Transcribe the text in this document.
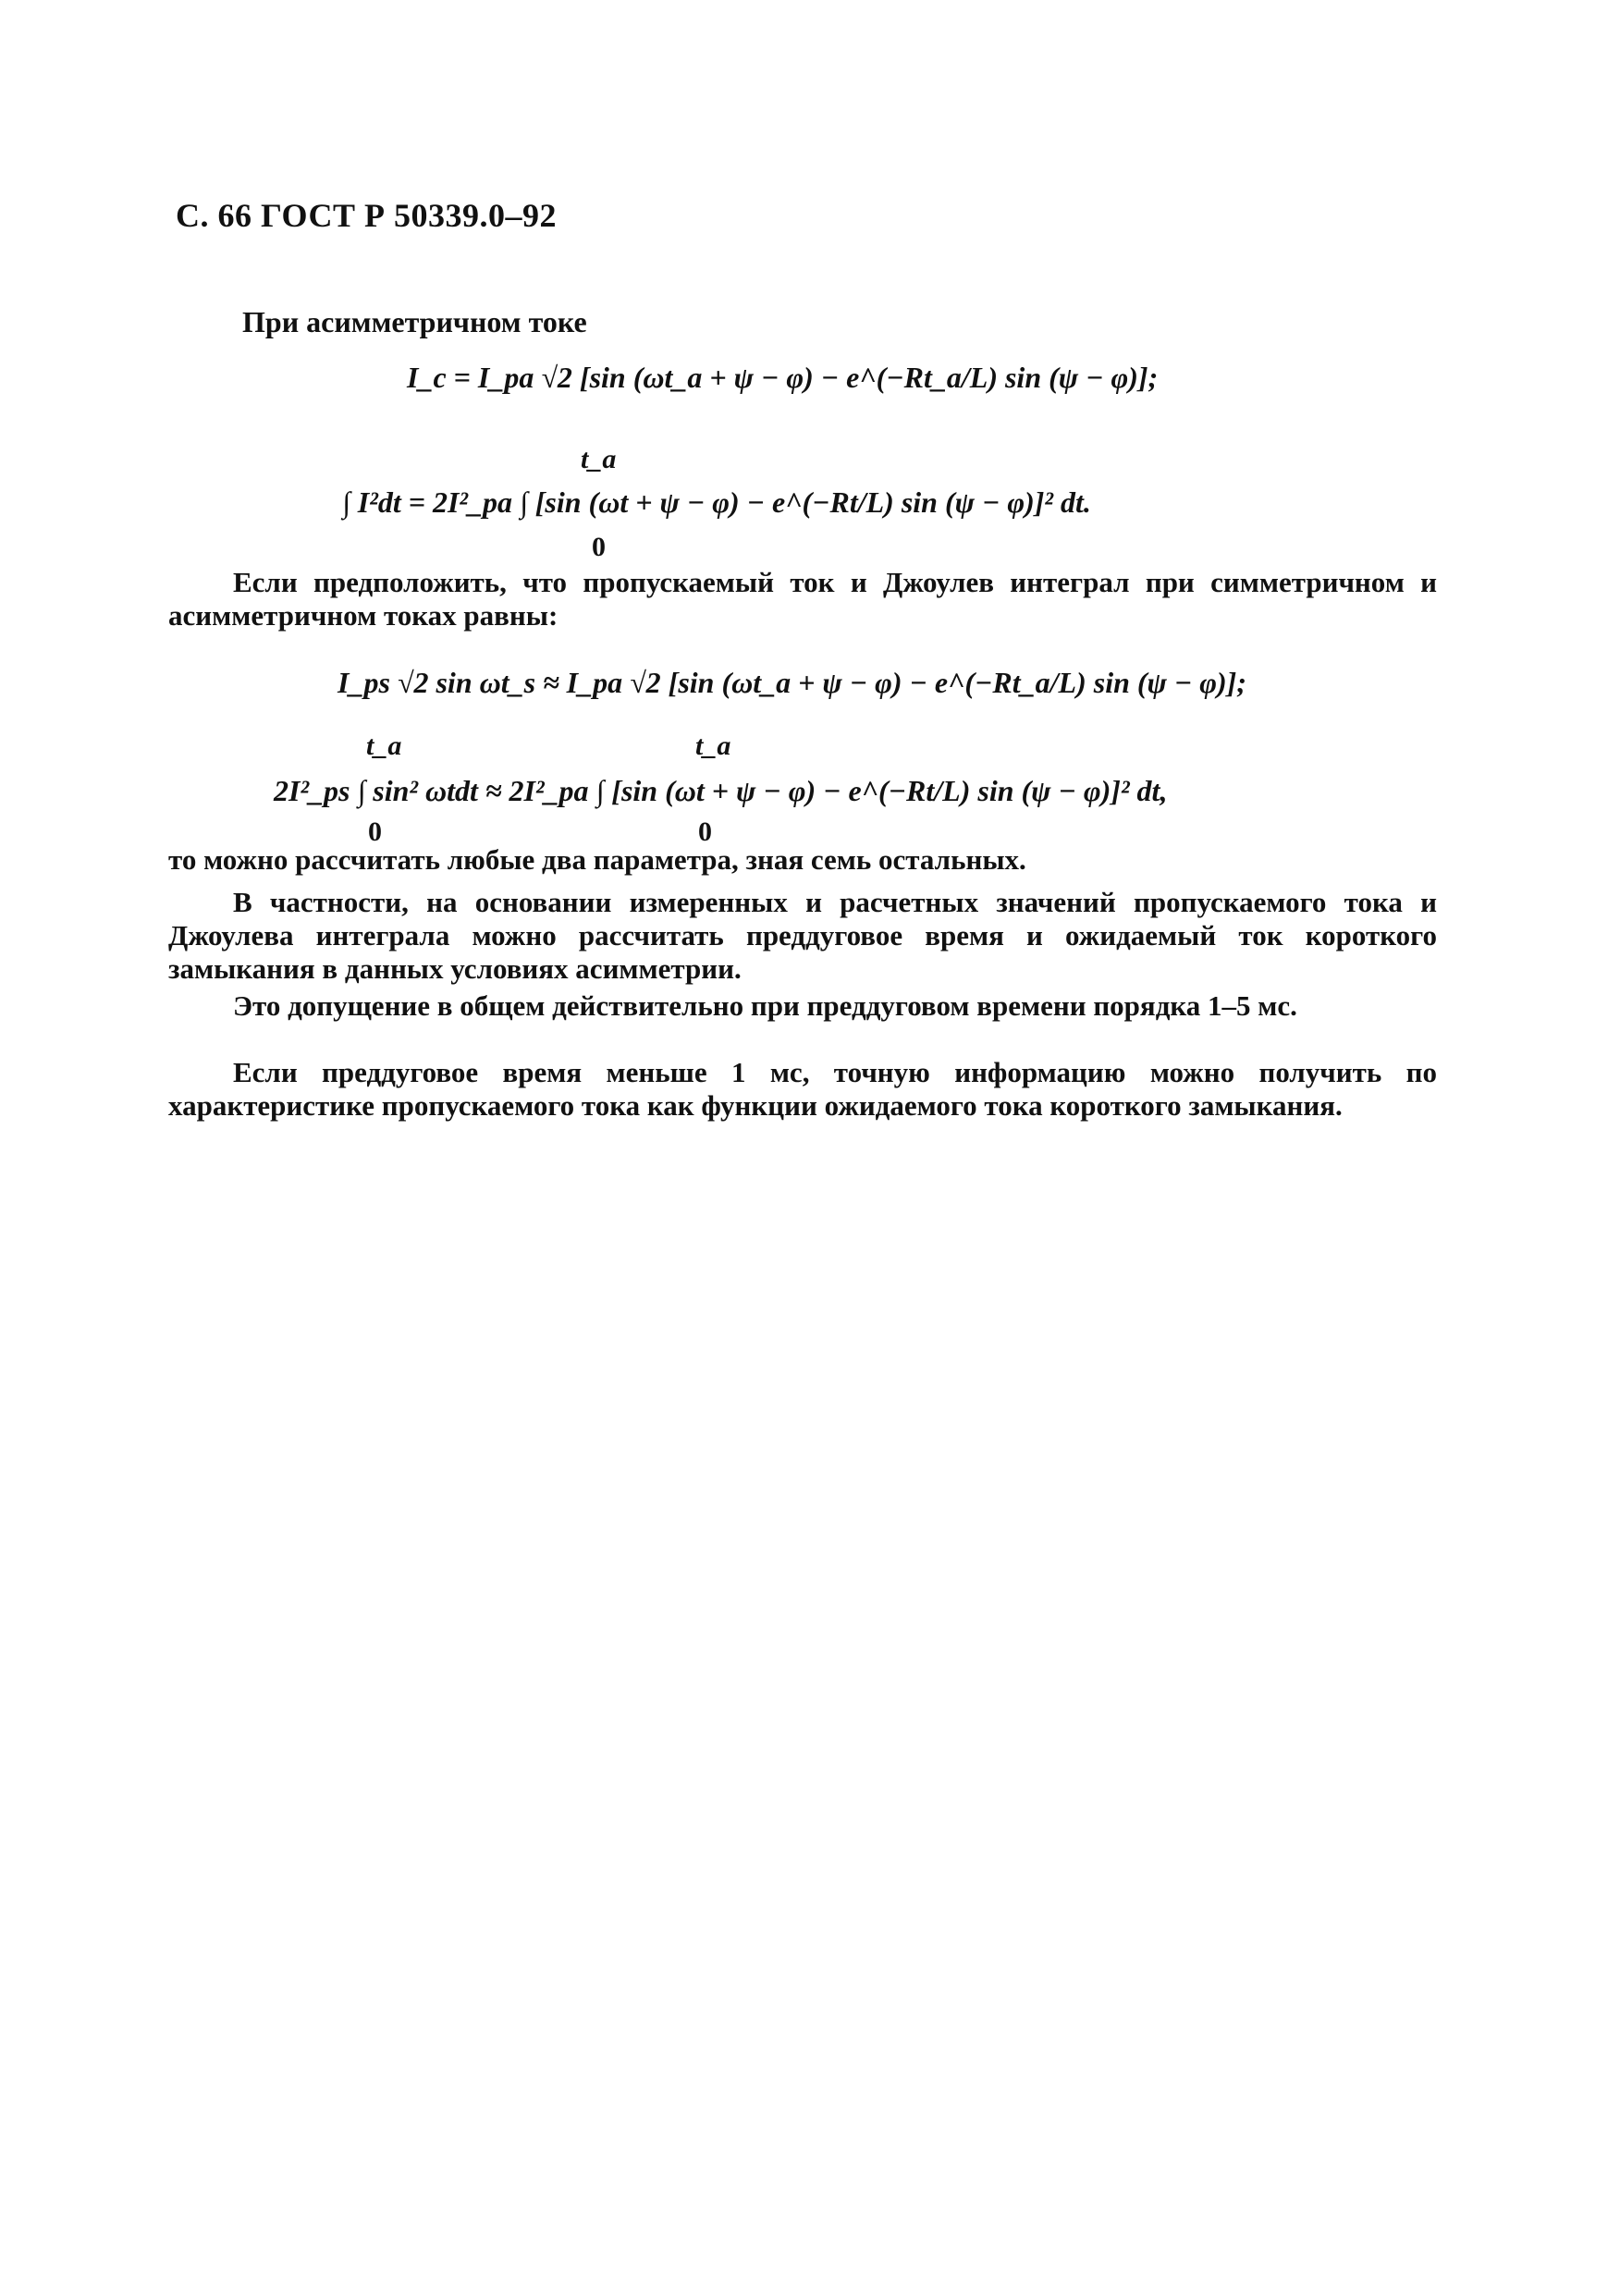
С. 66 ГОСТ Р 50339.0–92
При асимметричном токе
I_c = I_pa √2 [sin (ωt_a + ψ − φ) − e^(−Rt_a/L) sin (ψ − φ)];
t_a
∫ I²dt = 2I²_pa ∫ [sin (ωt + ψ − φ) − e^(−Rt/L) sin (ψ − φ)]² dt.
0
Если предположить, что пропускаемый ток и Джоулев интеграл при симметричном и асимметричном токах равны:
I_ps √2 sin ωt_s ≈ I_pa √2 [sin (ωt_a + ψ − φ) − e^(−Rt_a/L) sin (ψ − φ)];
t_a	t_a
2I²_ps ∫ sin² ωtdt ≈ 2I²_pa ∫ [sin (ωt + ψ − φ) − e^(−Rt/L) sin (ψ − φ)]² dt,
0	0
то можно рассчитать любые два параметра, зная семь остальных.
В частности, на основании измеренных и расчетных значений пропускаемого тока и Джоулева интеграла можно рассчитать преддуговое время и ожидаемый ток короткого замыкания в данных условиях асимметрии.
Это допущение в общем действительно при преддуговом времени порядка 1–5 мс.
Если преддуговое время меньше 1 мс, точную информацию можно получить по характеристике пропускаемого тока как функции ожидаемого тока короткого замыкания.
